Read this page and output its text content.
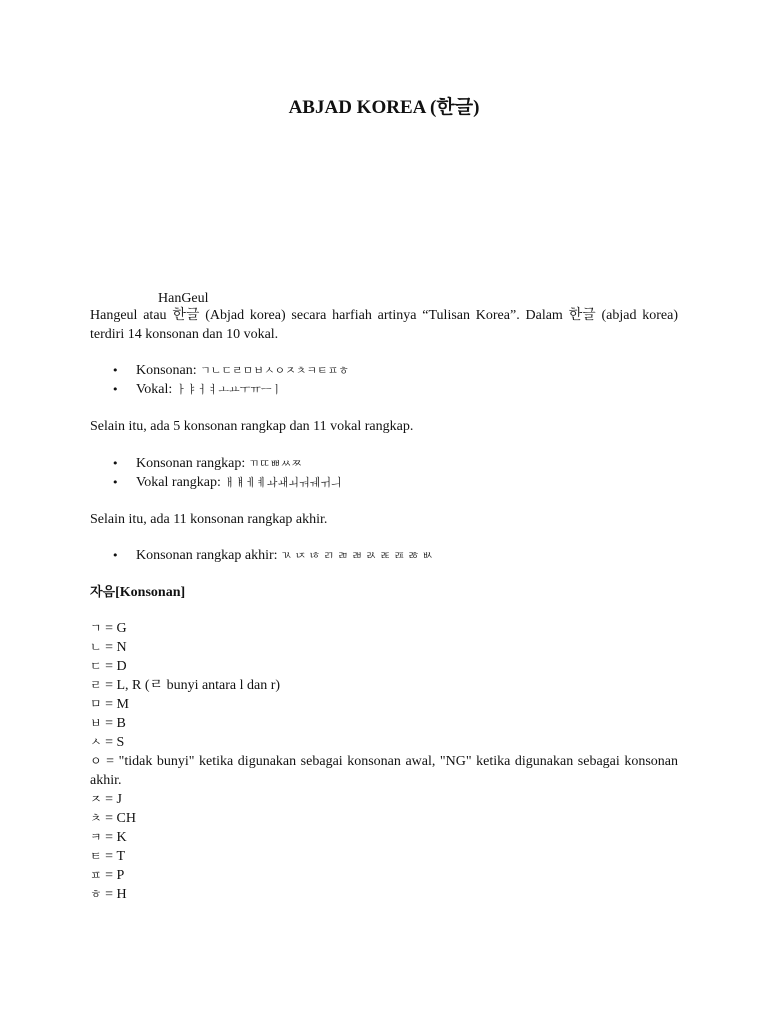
ABJAD KOREA (한글)
HanGeul

Hangeul atau 한글 (Abjad korea) secara harfiah artinya “Tulisan Korea”. Dalam 한글 (abjad korea) terdiri 14 konsonan dan 10 vokal.

• Konsonan: ㄱㄴㄷㄹㅁㅂㅅㅇㅈㅊㅋㅌㅍㅎ
• Vokal: ㅏㅑㅓㅕㅗㅛㅜㅠㅡㅣ

Selain itu, ada 5 konsonan rangkap dan 11 vokal rangkap.

• Konsonan rangkap: ㄲㄸㅃㅆㅉ
• Vokal rangkap: ㅐㅒㅔㅖㅘㅙㅚㅝㅞㅟㅢ

Selain itu, ada 11 konsonan rangkap akhir.

• Konsonan rangkap akhir: ㄳ ㄵ ㄶ ㄺ ㄻ ㄼ ㄽ ㄾ ㄿ ㅀ ㅄ
자음[Konsonan]
ㄱ = G
ㄴ = N
ㄷ = D
ㄹ = L, R (ㄹ bunyi antara l dan r)
ㅁ = M
ㅂ = B
ㅅ = S
ㅇ = "tidak bunyi" ketika digunakan sebagai konsonan awal, "NG" ketika digunakan sebagai konsonan akhir.
ㅈ = J
ㅊ = CH
ㅋ = K
ㅌ = T
ㅍ = P
ㅎ = H
